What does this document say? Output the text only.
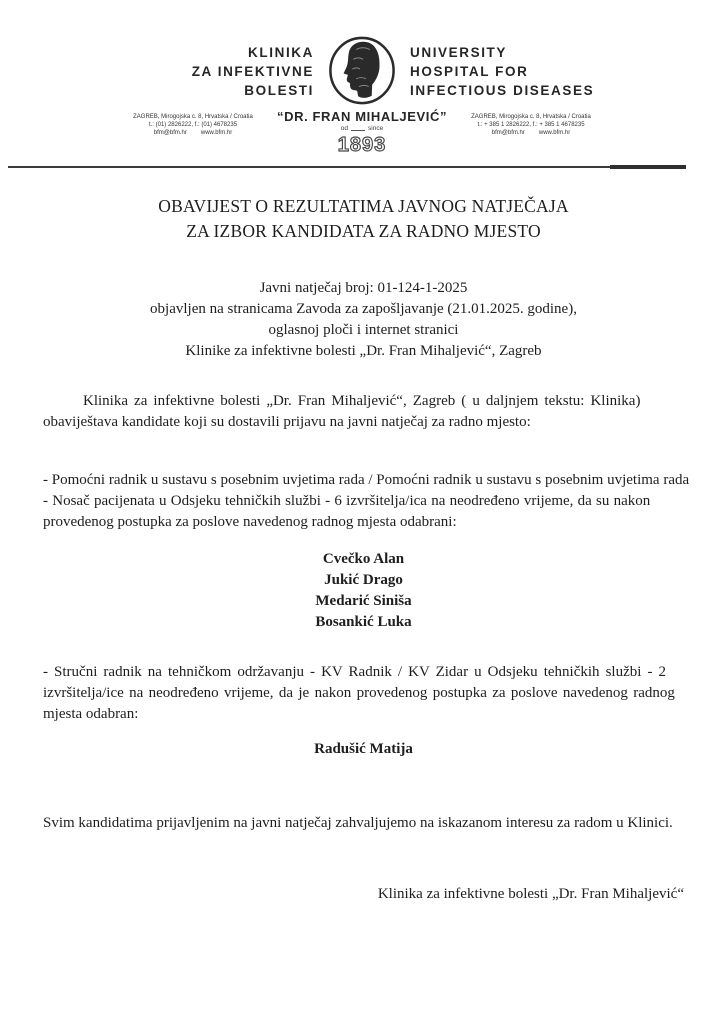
KLINIKA
ZA INFEKTIVNE
BOLESTI
UNIVERSITY
HOSPITAL FOR
INFECTIOUS DISEASES
ZAGREB, Mirogojska c. 8, Hrvatska / Croatia
t.: (01) 2826222, f.: (01) 4678235
bfm@bfm.hr www.bfm.hr
“DR. FRAN MIHALJEVIĆ”
od	since
1893
ZAGREB, Mirogojska c. 8, Hrvatska / Croatia
t.: + 385 1 2826222, f.: + 385 1 4678235
bfm@bfm.hr www.bfm.hr
OBAVIJEST O REZULTATIMA JAVNOG NATJEČAJA
ZA IZBOR KANDIDATA ZA RADNO MJESTO
Javni natječaj broj: 01-124-1-2025
objavljen na stranicama Zavoda za zapošljavanje (21.01.2025. godine),
oglasnoj ploči i internet stranici
Klinike za infektivne bolesti „Dr. Fran Mihaljević“, Zagreb
Klinika za infektivne bolesti „Dr. Fran Mihaljević“, Zagreb ( u daljnjem tekstu: Klinika)
obaviještava kandidate koji su dostavili prijavu na javni natječaj za radno mjesto:
- Pomoćni radnik u sustavu s posebnim uvjetima rada / Pomoćni radnik u sustavu s posebnim uvjetima rada
- Nosač pacijenata u Odsjeku tehničkih službi - 6 izvršitelja/ica na neodređeno vrijeme, da su nakon
provedenog postupka za poslove navedenog radnog mjesta odabrani:
Cvečko Alan
Jukić Drago
Medarić Siniša
Bosankić Luka
- Stručni radnik na tehničkom održavanju - KV Radnik / KV Zidar u Odsjeku tehničkih službi - 2
izvršitelja/ice na neodređeno vrijeme, da je nakon provedenog postupka za poslove navedenog radnog
mjesta odabran:
Radušić Matija
Svim kandidatima prijavljenim na javni natječaj zahvaljujemo na iskazanom interesu za radom u Klinici.
Klinika za infektivne bolesti „Dr. Fran Mihaljević“
